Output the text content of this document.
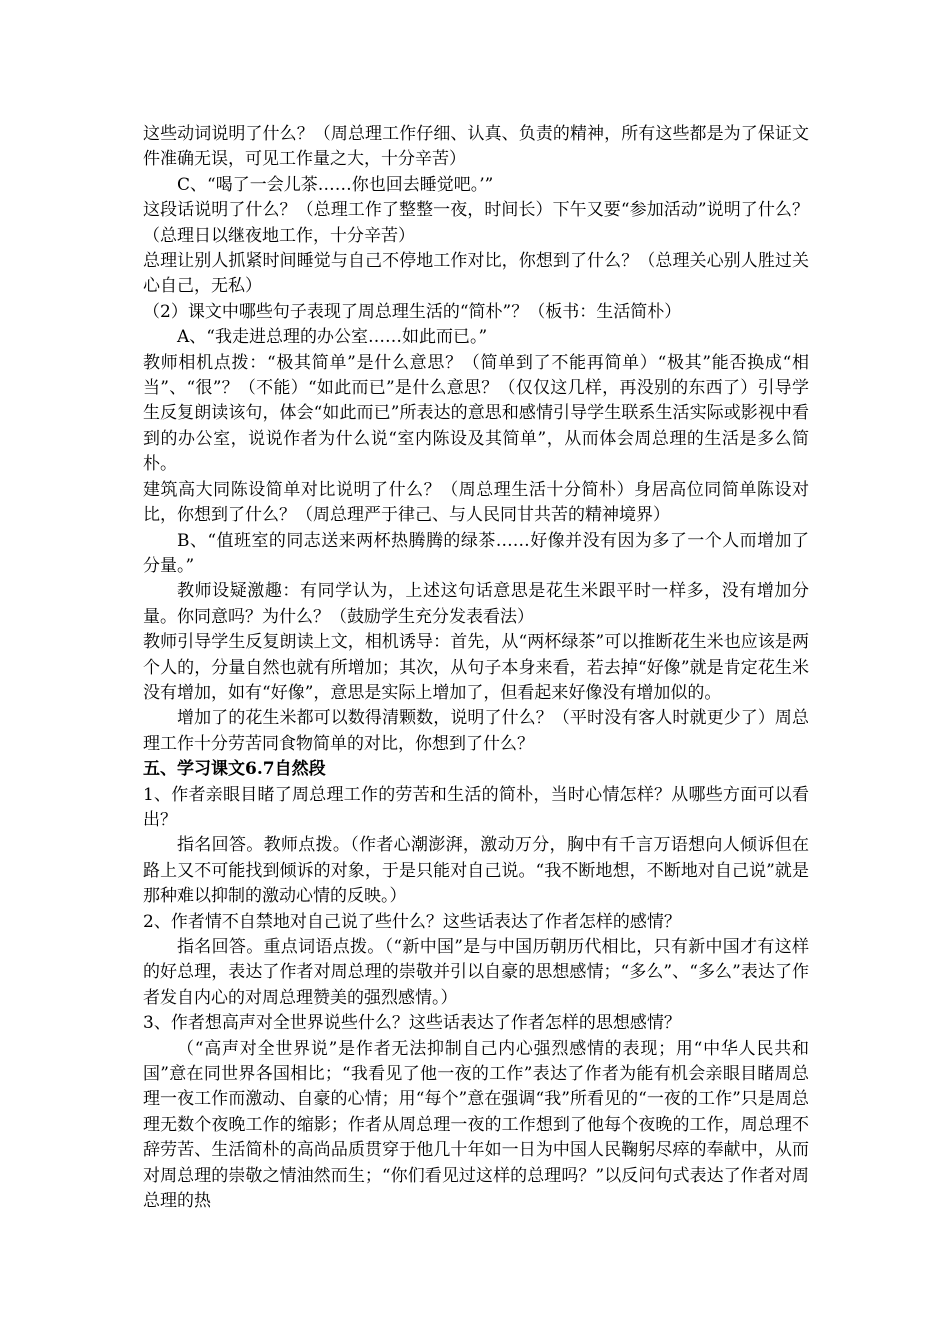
这些动词说明了什么？（周总理工作仔细、认真、负责的精神，所有这些都是为了保证文件准确无误，可见工作量之大，十分辛苦）

C、“喝了一会儿茶……你也回去睡觉吧。’”

这段话说明了什么？（总理工作了整整一夜，时间长）下午又要“参加活动”说明了什么？（总理日以继夜地工作，十分辛苦）

总理让别人抓紧时间睡觉与自己不停地工作对比，你想到了什么？（总理关心别人胜过关心自己，无私）

（2）课文中哪些句子表现了周总理生活的“简朴”？（板书：生活简朴）

A、“我走进总理的办公室……如此而已。”

教师相机点拨：“极其简单”是什么意思？（简单到了不能再简单）“极其”能否换成“相当”、“很”？（不能）“如此而已”是什么意思？（仅仅这几样，再没别的东西了）引导学生反复朗读该句，体会“如此而已”所表达的意思和感情引导学生联系生活实际或影视中看到的办公室，说说作者为什么说“室内陈设及其简单”，从而体会周总理的生活是多么简朴。

建筑高大同陈设简单对比说明了什么？（周总理生活十分简朴）身居高位同简单陈设对比，你想到了什么？（周总理严于律己、与人民同甘共苦的精神境界）

B、“值班室的同志送来两杯热腾腾的绿茶……好像并没有因为多了一个人而增加了分量。”

教师设疑激趣：有同学认为，上述这句话意思是花生米跟平时一样多，没有增加分量。你同意吗？为什么？（鼓励学生充分发表看法）

教师引导学生反复朗读上文，相机诱导：首先，从“两杯绿茶”可以推断花生米也应该是两个人的，分量自然也就有所增加；其次，从句子本身来看，若去掉“好像”就是肯定花生米没有增加，如有“好像”，意思是实际上增加了，但看起来好像没有增加似的。

增加了的花生米都可以数得清颗数，说明了什么？（平时没有客人时就更少了）周总理工作十分劳苦同食物简单的对比，你想到了什么？

五、学习课文6.7自然段

1、作者亲眼目睹了周总理工作的劳苦和生活的简朴，当时心情怎样？从哪些方面可以看出？

指名回答。教师点拨。（作者心潮澎湃，激动万分，胸中有千言万语想向人倾诉但在路上又不可能找到倾诉的对象，于是只能对自己说。“我不断地想，不断地对自己说”就是那种难以抑制的激动心情的反映。）

2、作者情不自禁地对自己说了些什么？这些话表达了作者怎样的感情？

指名回答。重点词语点拨。（“新中国”是与中国历朝历代相比，只有新中国才有这样的好总理，表达了作者对周总理的崇敬并引以自豪的思想感情；“多么”、“多么”表达了作者发自内心的对周总理赞美的强烈感情。）

3、作者想高声对全世界说些什么？这些话表达了作者怎样的思想感情？

（“高声对全世界说”是作者无法抑制自己内心强烈感情的表现；用“中华人民共和国”意在同世界各国相比；“我看见了他一夜的工作”表达了作者为能有机会亲眼目睹周总理一夜工作而激动、自豪的心情；用“每个”意在强调“我”所看见的“一夜的工作”只是周总理无数个夜晚工作的缩影；作者从周总理一夜的工作想到了他每个夜晚的工作，周总理不辞劳苦、生活简朴的高尚品质贯穿于他几十年如一日为中国人民鞠躬尽瘁的奉献中，从而对周总理的崇敬之情油然而生；“你们看见过这样的总理吗？”以反问句式表达了作者对周总理的热
